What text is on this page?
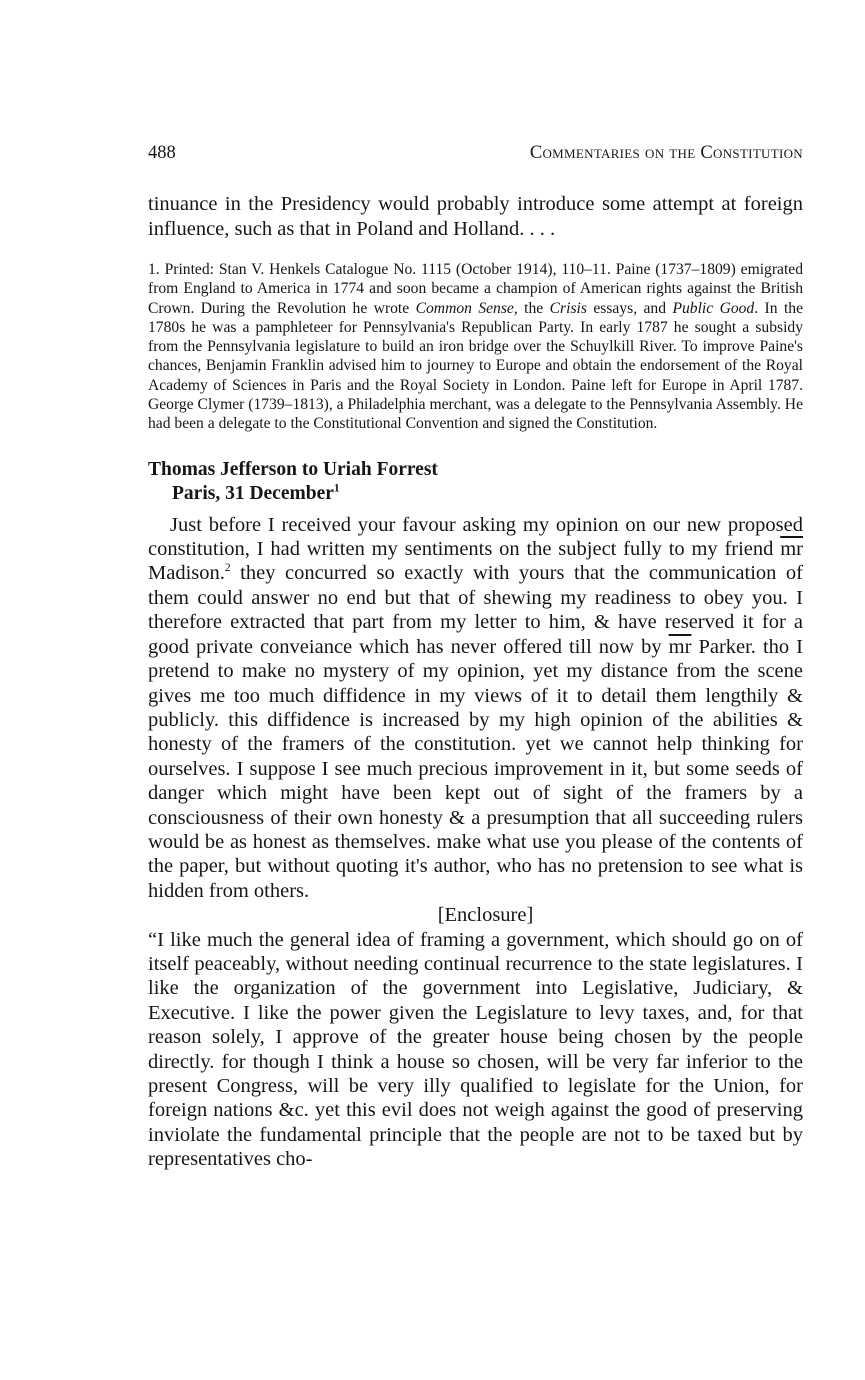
488	Commentaries on the Constitution
tinuance in the Presidency would probably introduce some attempt at foreign influence, such as that in Poland and Holland. . . .
1. Printed: Stan V. Henkels Catalogue No. 1115 (October 1914), 110–11. Paine (1737–1809) emigrated from England to America in 1774 and soon became a champion of American rights against the British Crown. During the Revolution he wrote Common Sense, the Crisis essays, and Public Good. In the 1780s he was a pamphleteer for Pennsylvania's Republican Party. In early 1787 he sought a subsidy from the Pennsylvania legislature to build an iron bridge over the Schuylkill River. To improve Paine's chances, Benjamin Franklin advised him to journey to Europe and obtain the endorsement of the Royal Academy of Sciences in Paris and the Royal Society in London. Paine left for Europe in April 1787. George Clymer (1739–1813), a Philadelphia merchant, was a delegate to the Pennsylvania Assembly. He had been a delegate to the Constitutional Convention and signed the Constitution.
Thomas Jefferson to Uriah Forrest
Paris, 31 December$^1$
Just before I received your favour asking my opinion on our new proposed constitution, I had written my sentiments on the subject fully to my friend $\overline{mr}$ Madison.$^2$ they concurred so exactly with yours that the communication of them could answer no end but that of shewing my readiness to obey you. I therefore extracted that part from my letter to him, & have reserved it for a good private conveiance which has never offered till now by $\overline{mr}$ Parker. tho I pretend to make no mystery of my opinion, yet my distance from the scene gives me too much diffidence in my views of it to detail them lengthily & publicly. this diffidence is increased by my high opinion of the abilities & honesty of the framers of the constitution. yet we cannot help thinking for ourselves. I suppose I see much precious improvement in it, but some seeds of danger which might have been kept out of sight of the framers by a consciousness of their own honesty & a presumption that all succeeding rulers would be as honest as themselves. make what use you please of the contents of the paper, but without quoting it's author, who has no pretension to see what is hidden from others.
[Enclosure]
“I like much the general idea of framing a government, which should go on of itself peaceably, without needing continual recurrence to the state legislatures. I like the organization of the government into Legislative, Judiciary, & Executive. I like the power given the Legislature to levy taxes, and, for that reason solely, I approve of the greater house being chosen by the people directly. for though I think a house so chosen, will be very far inferior to the present Congress, will be very illy qualified to legislate for the Union, for foreign nations &c. yet this evil does not weigh against the good of preserving inviolate the fundamental principle that the people are not to be taxed but by representatives cho-
